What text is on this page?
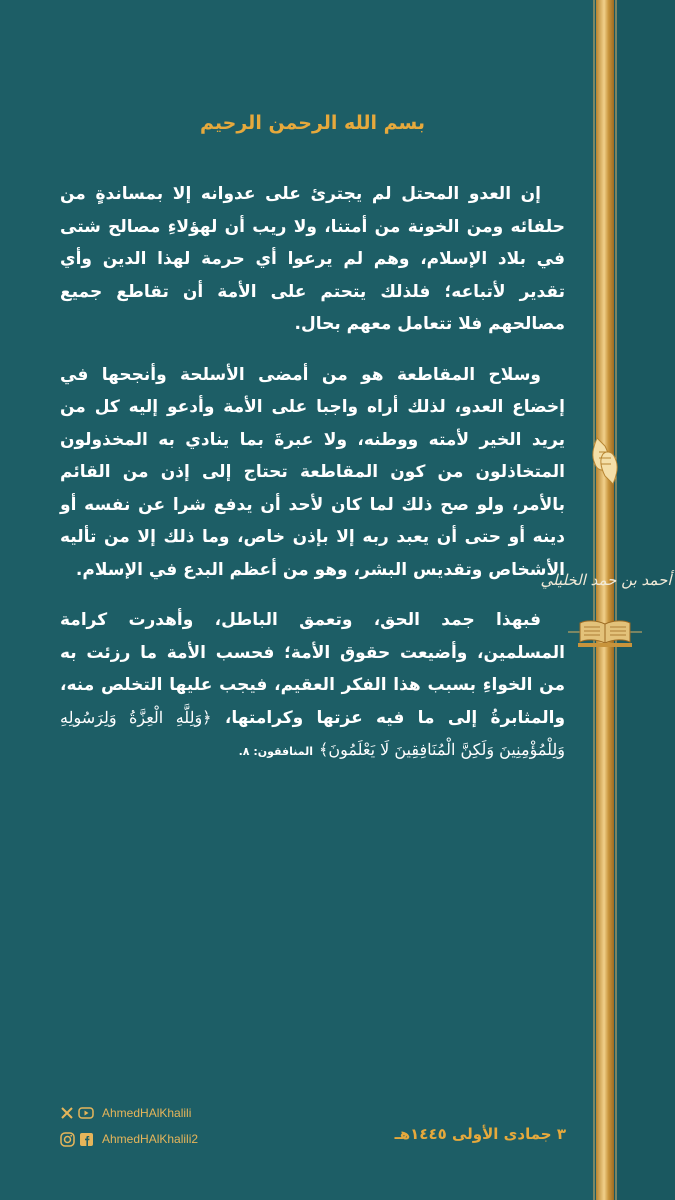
أحمد بن حمد الخليلي
بسم الله الرحمن الرحيم

إن العدو المحتل لم يجترئ على عدوانه إلا بمساندةٍ من حلفائه ومن الخونة من أمتنا، ولا ريب أن لهؤلاءِ مصالح شتى في بلاد الإسلام، وهم لم يرعوا أي حرمة لهذا الدين وأي تقدير لأتباعه؛ فلذلك يتحتم على الأمة أن تقاطع جميع مصالحهم فلا تتعامل معهم بحال.

وسلاح المقاطعة هو من أمضى الأسلحة وأنجحها في إخضاع العدو، لذلك أراه واجبا على الأمة وأدعو إليه كل من يريد الخير لأمته ووطنه، ولا عبرةَ بما ينادي به المخذولون المتخاذلون من كون المقاطعة تحتاج إلى إذن من القائم بالأمر، ولو صح ذلك لما كان لأحد أن يدفع شرا عن نفسه أو دينه أو حتى أن يعبد ربه إلا بإذن خاص، وما ذلك إلا من تأليه الأشخاص وتقديس البشر، وهو من أعظم البدع في الإسلام.

فبهذا جمد الحق، وتعمق الباطل، وأهدرت كرامة المسلمين، وأضيعت حقوق الأمة؛ فحسب الأمة ما رزئت به من الخواءِ بسبب هذا الفكر العقيم، فيجب عليها التخلص منه، والمثابرةُ إلى ما فيه عزتها وكرامتها، ﴿وَلِلَّهِ الْعِزَّةُ وَلِرَسُولِهِ وَلِلْمُؤْمِنِينَ وَلَكِنَّ الْمُنَافِقِينَ لَا يَعْلَمُونَ﴾ المنافقون: ٨.

٣ جمادى الأولى ١٤٤٥هـ
AhmedHAlKhalili
AhmedHAlKhalili2
